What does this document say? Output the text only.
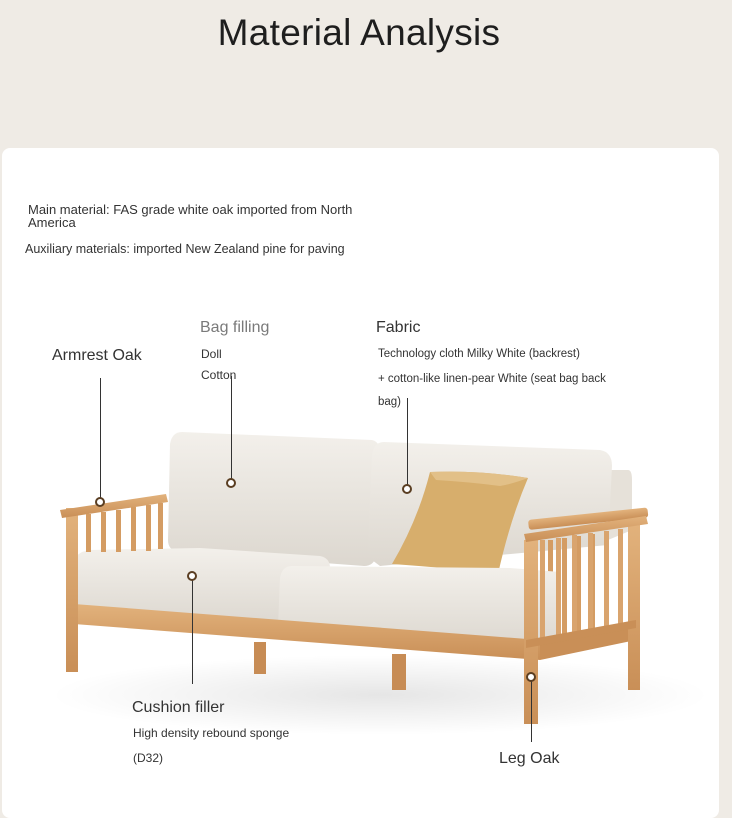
Material Analysis
Main material: FAS grade white oak imported from North America
Auxiliary materials: imported New Zealand pine for paving
Armrest Oak
Bag filling
Doll
Cotton
Fabric
Technology cloth Milky White (backrest)
+ cotton-like linen-pear White (seat bag back
bag)
Cushion filler
High density rebound sponge
(D32)	Leg Oak
